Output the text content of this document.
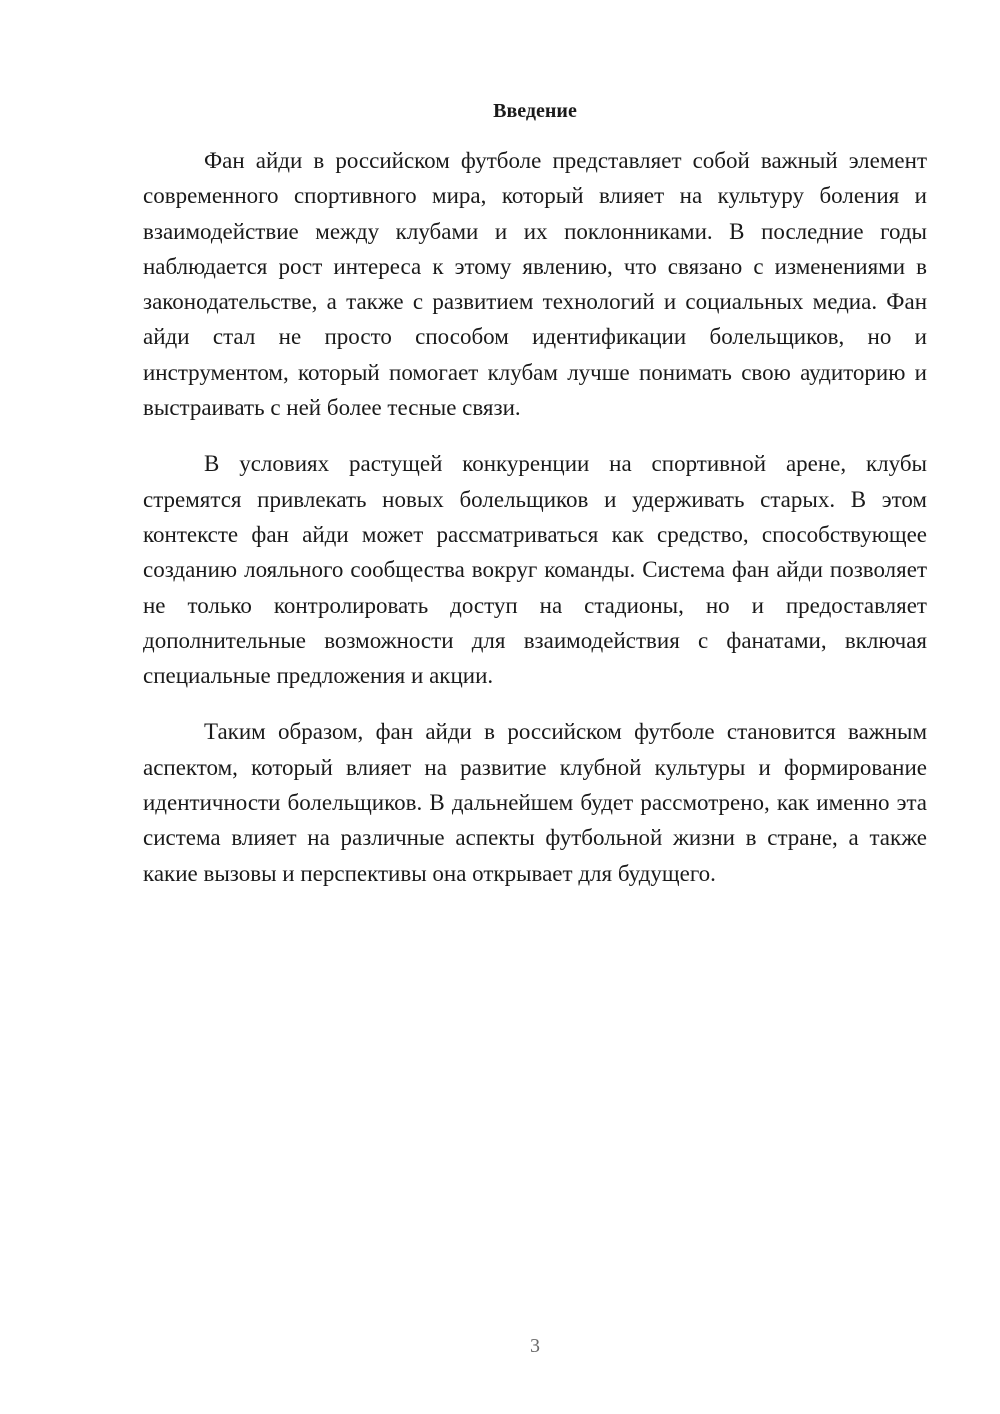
Введение

Фан айди в российском футболе представляет собой важный элемент современного спортивного мира, который влияет на культуру боления и взаимодействие между клубами и их поклонниками. В последние годы наблюдается рост интереса к этому явлению, что связано с изменениями в законодательстве, а также с развитием технологий и социальных медиа. Фан айди стал не просто способом идентификации болельщиков, но и инструментом, который помогает клубам лучше понимать свою аудиторию и выстраивать с ней более тесные связи.

В условиях растущей конкуренции на спортивной арене, клубы стремятся привлекать новых болельщиков и удерживать старых. В этом контексте фан айди может рассматриваться как средство, способствующее созданию лояльного сообщества вокруг команды. Система фан айди позволяет не только контролировать доступ на стадионы, но и предоставляет дополнительные возможности для взаимодействия с фанатами, включая специальные предложения и акции.

Таким образом, фан айди в российском футболе становится важным аспектом, который влияет на развитие клубной культуры и формирование идентичности болельщиков. В дальнейшем будет рассмотрено, как именно эта система влияет на различные аспекты футбольной жизни в стране, а также какие вызовы и перспективы она открывает для будущего.

3
